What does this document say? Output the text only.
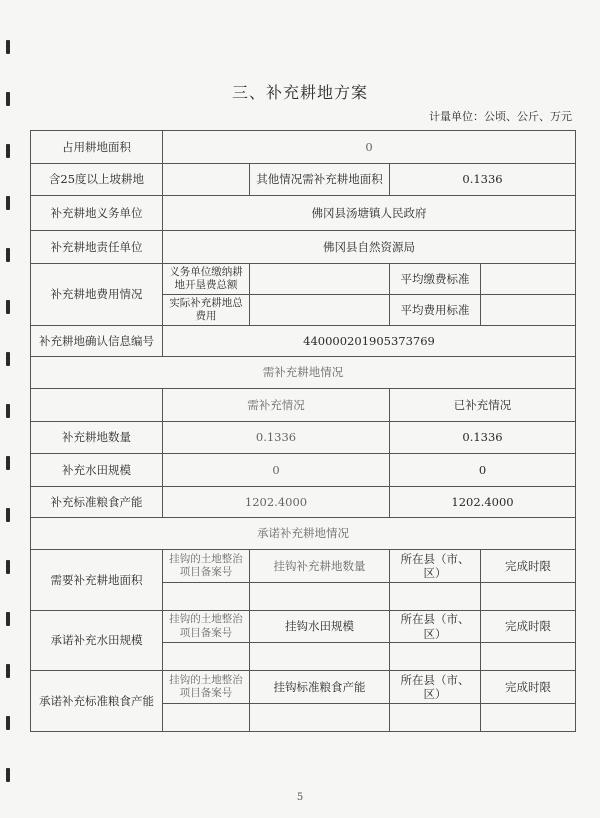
三、补充耕地方案
计量单位：公顷、公斤、万元
占用耕地面积	0			
含25度以上坡耕地		其他情况需补充耕地面积	0.1336	
补充耕地义务单位	佛冈县汤塘镇人民政府			
补充耕地责任单位	佛冈县自然资源局			
补充耕地费用情况	义务单位缴纳耕地开垦费总额		平均缴费标准	
	实际补充耕地总费用		平均费用标准	
补充耕地确认信息编号	440000201905373769			
需补充耕地情况				
	需补充情况		已补充情况	
补充耕地数量	0.1336		0.1336	
补充水田规模	0		0	
补充标准粮食产能	1202.4000		1202.4000	
承诺补充耕地情况				
需要补充耕地面积	挂钩的土地整治项目备案号	挂钩补充耕地数量	所在县（市、区）	完成时限

承诺补充水田规模	挂钩的土地整治项目备案号	挂钩水田规模	所在县（市、区）	完成时限

承诺补充标准粮食产能	挂钩的土地整治项目备案号	挂钩标准粮食产能	所在县（市、区）	完成时限

5
